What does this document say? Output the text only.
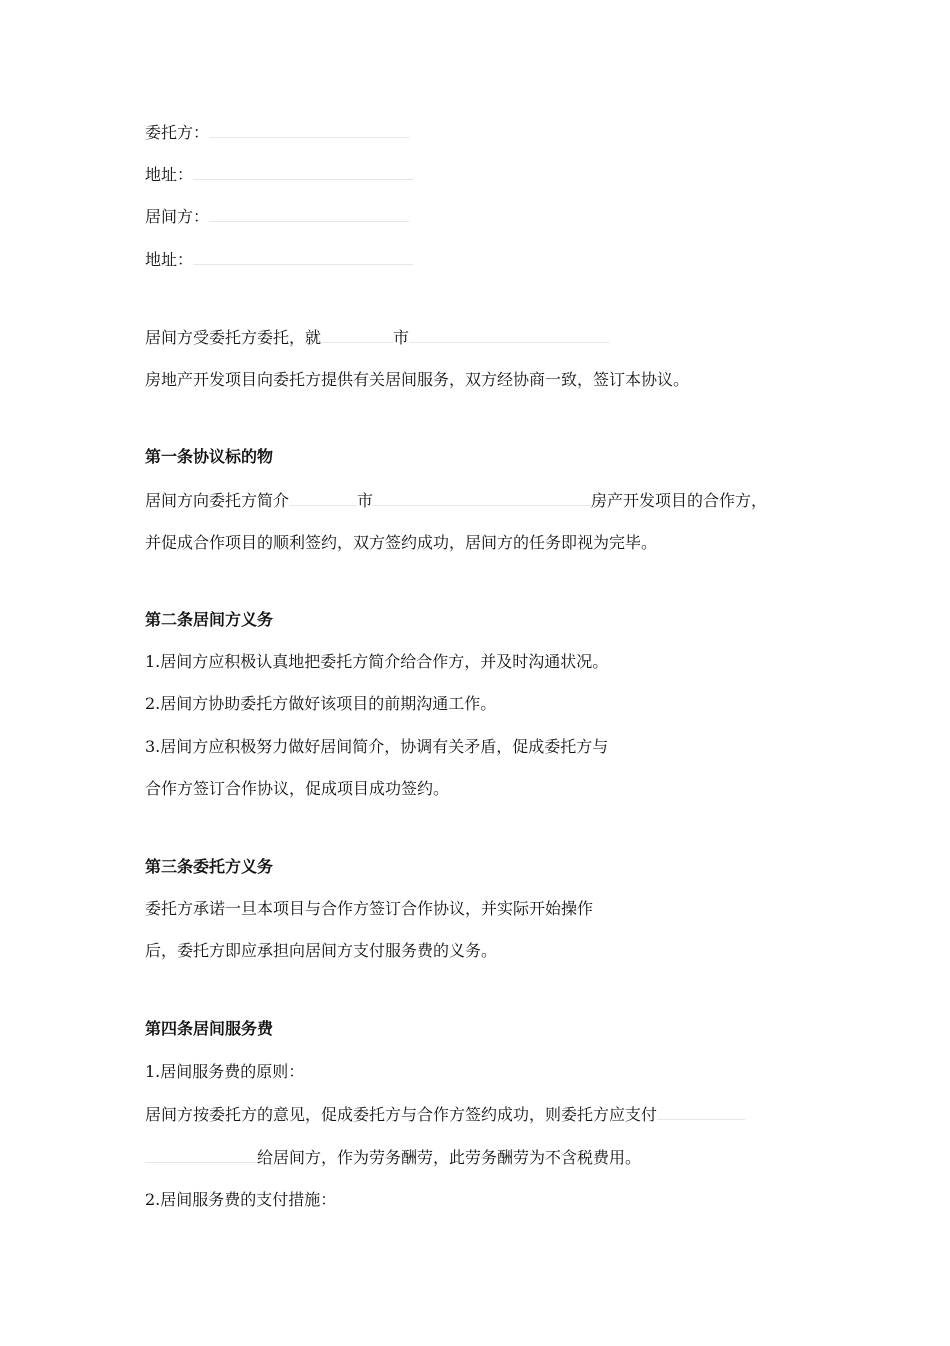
委托方：
地址：
居间方：
地址：
居间方受委托方委托，就	市
房地产开发项目向委托方提供有关居间服务，双方经协商一致，签订本协议。
第一条协议标的物
居间方向委托方简介	市	房产开发项目的合作方，
并促成合作项目的顺利签约，双方签约成功，居间方的任务即视为完毕。
第二条居间方义务
1.居间方应积极认真地把委托方简介给合作方，并及时沟通状况。
2.居间方协助委托方做好该项目的前期沟通工作。
3.居间方应积极努力做好居间简介，协调有关矛盾，促成委托方与
合作方签订合作协议，促成项目成功签约。
第三条委托方义务
委托方承诺一旦本项目与合作方签订合作协议，并实际开始操作
后，委托方即应承担向居间方支付服务费的义务。
第四条居间服务费
1.居间服务费的原则：
居间方按委托方的意见，促成委托方与合作方签约成功，则委托方应支付
给居间方，作为劳务酬劳，此劳务酬劳为不含税费用。
2.居间服务费的支付措施：
